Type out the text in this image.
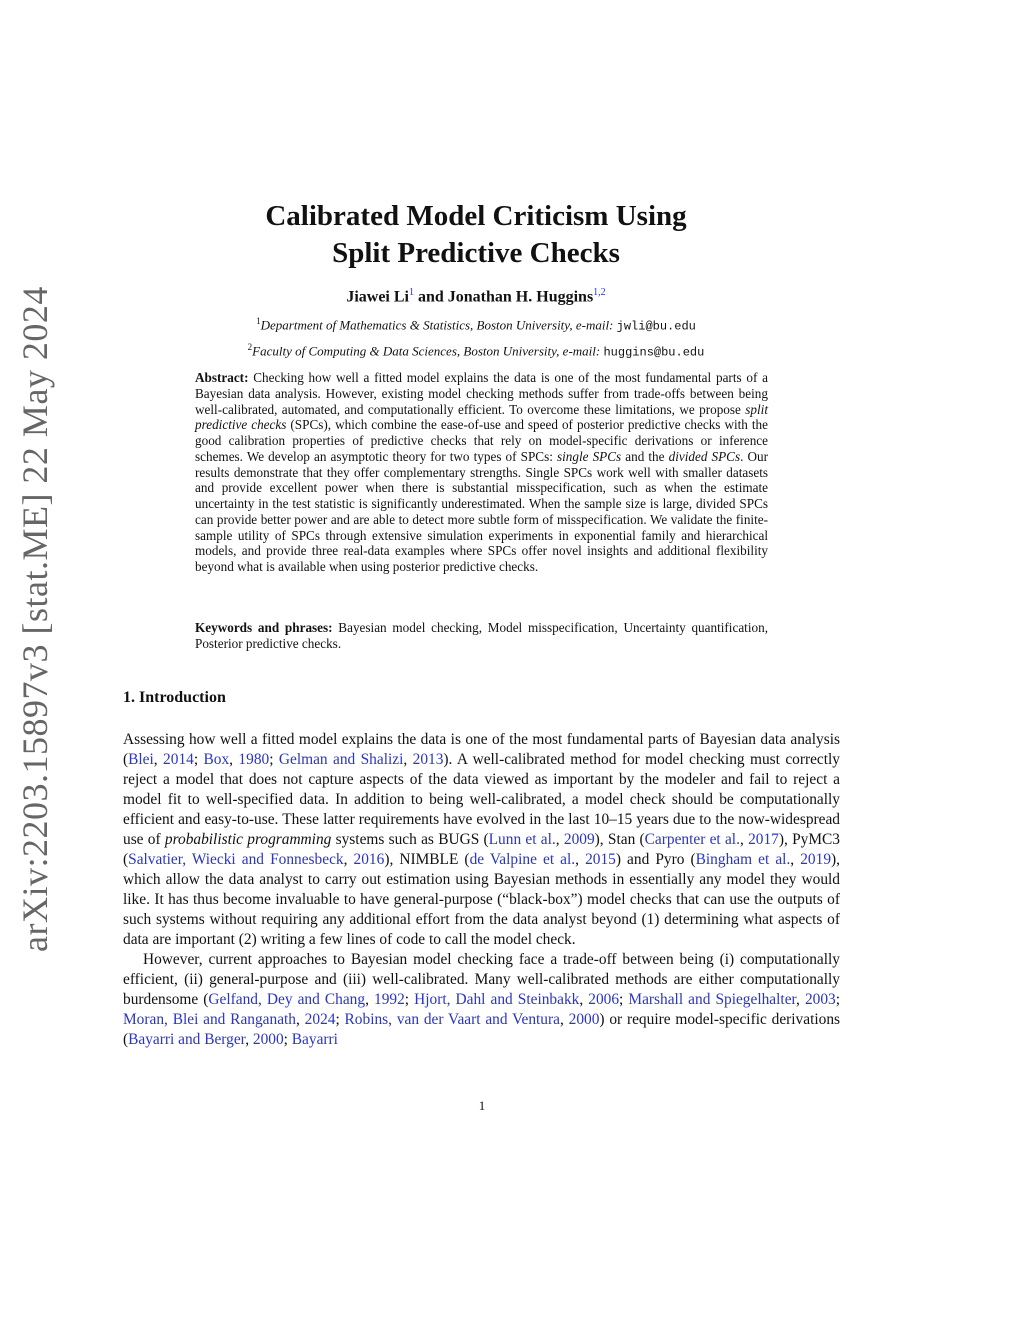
arXiv:2203.15897v3 [stat.ME] 22 May 2024
Calibrated Model Criticism Using
Split Predictive Checks
Jiawei Li$^1$ and Jonathan H. Huggins$^{1,2}$
$^1$Department of Mathematics & Statistics, Boston University, e-mail: jwli@bu.edu
$^2$Faculty of Computing & Data Sciences, Boston University, e-mail: huggins@bu.edu
Abstract: Checking how well a fitted model explains the data is one of the most fundamental parts of a Bayesian data analysis. However, existing model checking methods suffer from trade-offs between being well-calibrated, automated, and computationally efficient. To overcome these limitations, we propose split predictive checks (SPCs), which combine the ease-of-use and speed of posterior predictive checks with the good calibration properties of predictive checks that rely on model-specific derivations or inference schemes. We develop an asymptotic theory for two types of SPCs: single SPCs and the divided SPCs. Our results demonstrate that they offer complementary strengths. Single SPCs work well with smaller datasets and provide excellent power when there is substantial misspecification, such as when the estimate uncertainty in the test statistic is significantly underestimated. When the sample size is large, divided SPCs can provide better power and are able to detect more subtle form of misspecification. We validate the finite-sample utility of SPCs through extensive simulation experiments in exponential family and hierarchical models, and provide three real-data examples where SPCs offer novel insights and additional flexibility beyond what is available when using posterior predictive checks.
Keywords and phrases: Bayesian model checking, Model misspecification, Uncertainty quantification, Posterior predictive checks.
1. Introduction

Assessing how well a fitted model explains the data is one of the most fundamental parts of Bayesian data analysis (Blei, 2014; Box, 1980; Gelman and Shalizi, 2013). A well-calibrated method for model checking must correctly reject a model that does not capture aspects of the data viewed as important by the modeler and fail to reject a model fit to well-specified data. In addition to being well-calibrated, a model check should be computationally efficient and easy-to-use. These latter requirements have evolved in the last 10–15 years due to the now-widespread use of probabilistic programming systems such as BUGS (Lunn et al., 2009), Stan (Carpenter et al., 2017), PyMC3 (Salvatier, Wiecki and Fonnesbeck, 2016), NIMBLE (de Valpine et al., 2015) and Pyro (Bingham et al., 2019), which allow the data analyst to carry out estimation using Bayesian methods in essentially any model they would like. It has thus become invaluable to have general-purpose (“black-box”) model checks that can use the outputs of such systems without requiring any additional effort from the data analyst beyond (1) determining what aspects of data are important (2) writing a few lines of code to call the model check.

However, current approaches to Bayesian model checking face a trade-off between being (i) computationally efficient, (ii) general-purpose and (iii) well-calibrated. Many well-calibrated methods are either computationally burdensome (Gelfand, Dey and Chang, 1992; Hjort, Dahl and Steinbakk, 2006; Marshall and Spiegelhalter, 2003; Moran, Blei and Ranganath, 2024; Robins, van der Vaart and Ventura, 2000) or require model-specific derivations (Bayarri and Berger, 2000; Bayarri

1
